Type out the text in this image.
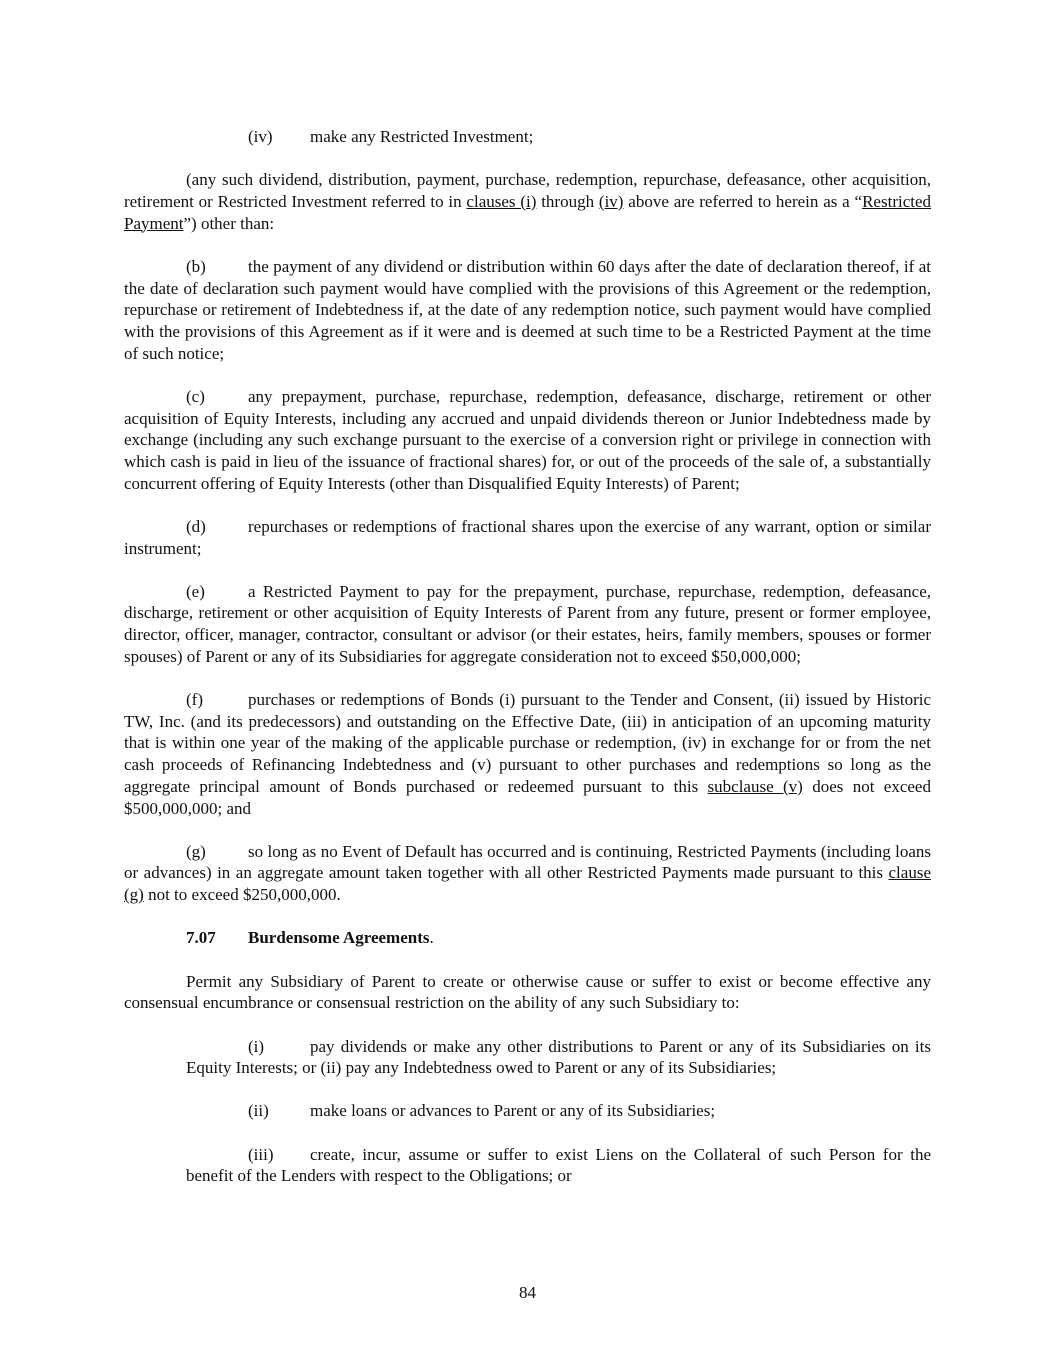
(iv) make any Restricted Investment;

(any such dividend, distribution, payment, purchase, redemption, repurchase, defeasance, other acquisition, retirement or Restricted Investment referred to in clauses (i) through (iv) above are referred to herein as a “Restricted Payment”) other than:

(b) the payment of any dividend or distribution within 60 days after the date of declaration thereof, if at the date of declaration such payment would have complied with the provisions of this Agreement or the redemption, repurchase or retirement of Indebtedness if, at the date of any redemption notice, such payment would have complied with the provisions of this Agreement as if it were and is deemed at such time to be a Restricted Payment at the time of such notice;

(c)	any prepayment, purchase, repurchase, redemption, defeasance, discharge, retirement or other acquisition of Equity Interests, including any accrued and unpaid dividends thereon or Junior Indebtedness made by exchange (including any such exchange pursuant to the exercise of a conversion right or privilege in connection with which cash is paid in lieu of the issuance of fractional shares) for, or out of the proceeds of the sale of, a substantially concurrent offering of Equity Interests (other than Disqualified Equity Interests) of Parent;

(d) repurchases or redemptions of fractional shares upon the exercise of any warrant, option or similar instrument;

(e)	a Restricted Payment to pay for the prepayment, purchase, repurchase, redemption, defeasance, discharge, retirement or other acquisition of Equity Interests of Parent from any future, present or former employee, director, officer, manager, contractor, consultant or advisor (or their estates, heirs, family members, spouses or former spouses) of Parent or any of its Subsidiaries for aggregate consideration not to exceed $50,000,000;

(f)	purchases or redemptions of Bonds (i) pursuant to the Tender and Consent, (ii) issued by Historic TW, Inc. (and its predecessors) and outstanding on the Effective Date, (iii) in anticipation of an upcoming maturity that is within one year of the making of the applicable purchase or redemption, (iv) in exchange for or from the net cash proceeds of Refinancing Indebtedness and (v) pursuant to other purchases and redemptions so long as the aggregate principal amount of Bonds purchased or redeemed pursuant to this subclause (v) does not exceed $500,000,000; and

(g) so long as no Event of Default has occurred and is continuing, Restricted Payments (including loans or advances) in an aggregate amount taken together with all other Restricted Payments made pursuant to this clause (g) not to exceed $250,000,000.

7.07 Burdensome Agreements.

Permit any Subsidiary of Parent to create or otherwise cause or suffer to exist or become effective any consensual encumbrance or consensual restriction on the ability of any such Subsidiary to:

(i)	pay dividends or make any other distributions to Parent or any of its Subsidiaries on its Equity Interests; or (ii) pay any Indebtedness owed to Parent or any of its Subsidiaries;

(ii) make loans or advances to Parent or any of its Subsidiaries;

(iii) create, incur, assume or suffer to exist Liens on the Collateral of such Person for the benefit of the Lenders with respect to the Obligations; or

84
